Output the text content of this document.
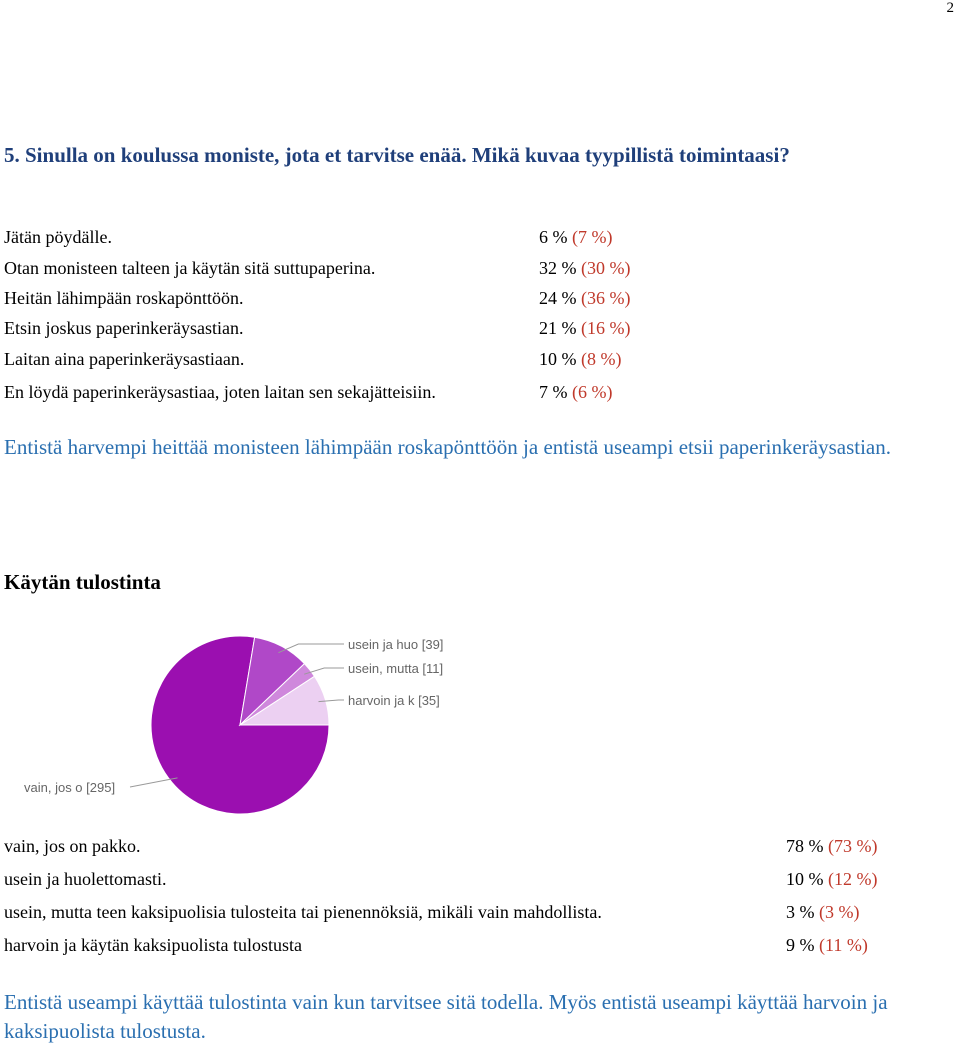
2
5. Sinulla on koulussa moniste, jota et tarvitse enää. Mikä kuvaa tyypillistä toimintaasi?
Jätän pöydälle.	6 % (7 %)
Otan monisteen talteen ja käytän sitä suttupaperina.	32 % (30 %)
Heitän lähimpään roskapönttöön.	24 % (36 %)
Etsin joskus paperinkeräysastian.	21 % (16 %)
Laitan aina paperinkeräysastiaan.	10 % (8 %)
En löydä paperinkeräysastiaa, joten laitan sen sekajätteisiin.	7 % (6 %)
Entistä harvempi heittää monisteen lähimpään roskapönttöön ja entistä useampi etsii paperinkeräysastian.
Käytän tulostinta
vain, jos o [295]
usein ja huo [39]
usein, mutta [11]
harvoin ja k [35]
vain, jos on pakko.	78 % (73 %)
usein ja huolettomasti.	10 % (12 %)
usein, mutta teen kaksipuolisia tulosteita tai pienennöksiä, mikäli vain mahdollista.	3 % (3 %)
harvoin ja käytän kaksipuolista tulostusta	9 % (11 %)
Entistä useampi käyttää tulostinta vain kun tarvitsee sitä todella. Myös entistä useampi käyttää harvoin ja kaksipuolista tulostusta.
